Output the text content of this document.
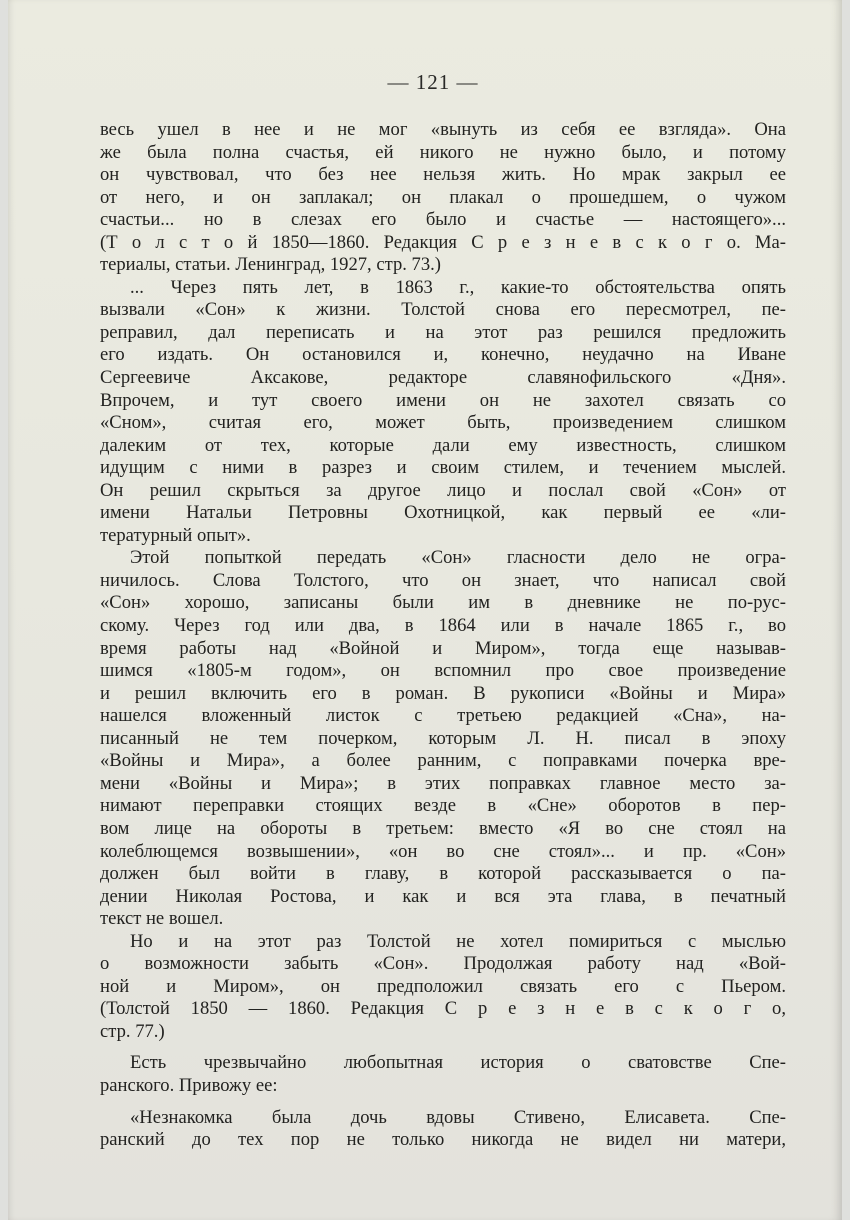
— 121 —
весь ушел в нее и не мог «вынуть из себя ее взгляда». Она
же была полна счастья, ей никого не нужно было, и потому
он чувствовал, что без нее нельзя жить. Но мрак закрыл ее
от него, и он заплакал; он плакал о прошедшем, о чужом
счастьи... но в слезах его было и счастье — настоящего»...
(Т о л с т о й 1850—1860. Редакция С р е з н е в с к о г о. Ма-
териалы, статьи. Ленинград, 1927, стр. 73.)
... Через пять лет, в 1863 г., какие-то обстоятельства опять
вызвали «Сон» к жизни. Толстой снова его пересмотрел, пе-
реправил, дал переписать и на этот раз решился предложить
его издать. Он остановился и, конечно, неудачно на Иване
Сергеевиче Аксакове, редакторе славянофильского «Дня».
Впрочем, и тут своего имени он не захотел связать со
«Сном», считая его, может быть, произведением слишком
далеким от тех, которые дали ему известность, слишком
идущим с ними в разрез и своим стилем, и течением мыслей.
Он решил скрыться за другое лицо и послал свой «Сон» от
имени Натальи Петровны Охотницкой, как первый ее «ли-
тературный опыт».
Этой попыткой передать «Сон» гласности дело не огра-
ничилось. Слова Толстого, что он знает, что написал свой
«Сон» хорошо, записаны были им в дневнике не по-рус-
скому. Через год или два, в 1864 или в начале 1865 г., во
время работы над «Войной и Миром», тогда еще называв-
шимся «1805-м годом», он вспомнил про свое произведение
и решил включить его в роман. В рукописи «Войны и Мира»
нашелся вложенный листок с третьею редакцией «Сна», на-
писанный не тем почерком, которым Л. Н. писал в эпоху
«Войны и Мира», а более ранним, с поправками почерка вре-
мени «Войны и Мира»; в этих поправках главное место за-
нимают переправки стоящих везде в «Сне» оборотов в пер-
вом лице на обороты в третьем: вместо «Я во сне стоял на
колеблющемся возвышении», «он во сне стоял»... и пр. «Сон»
должен был войти в главу, в которой рассказывается о па-
дении Николая Ростова, и как и вся эта глава, в печатный
текст не вошел.
Но и на этот раз Толстой не хотел помириться с мыслью
о возможности забыть «Сон». Продолжая работу над «Вой-
ной и Миром», он предположил связать его с Пьером.
(Толстой 1850 — 1860. Редакция С р е з н е в с к о г о,
стр. 77.)
Есть чрезвычайно любопытная история о сватовстве Спе-
ранского. Привожу ее:
«Незнакомка была дочь вдовы Стивено, Елисавета. Спе-
ранский до тех пор не только никогда не видел ни матери,
